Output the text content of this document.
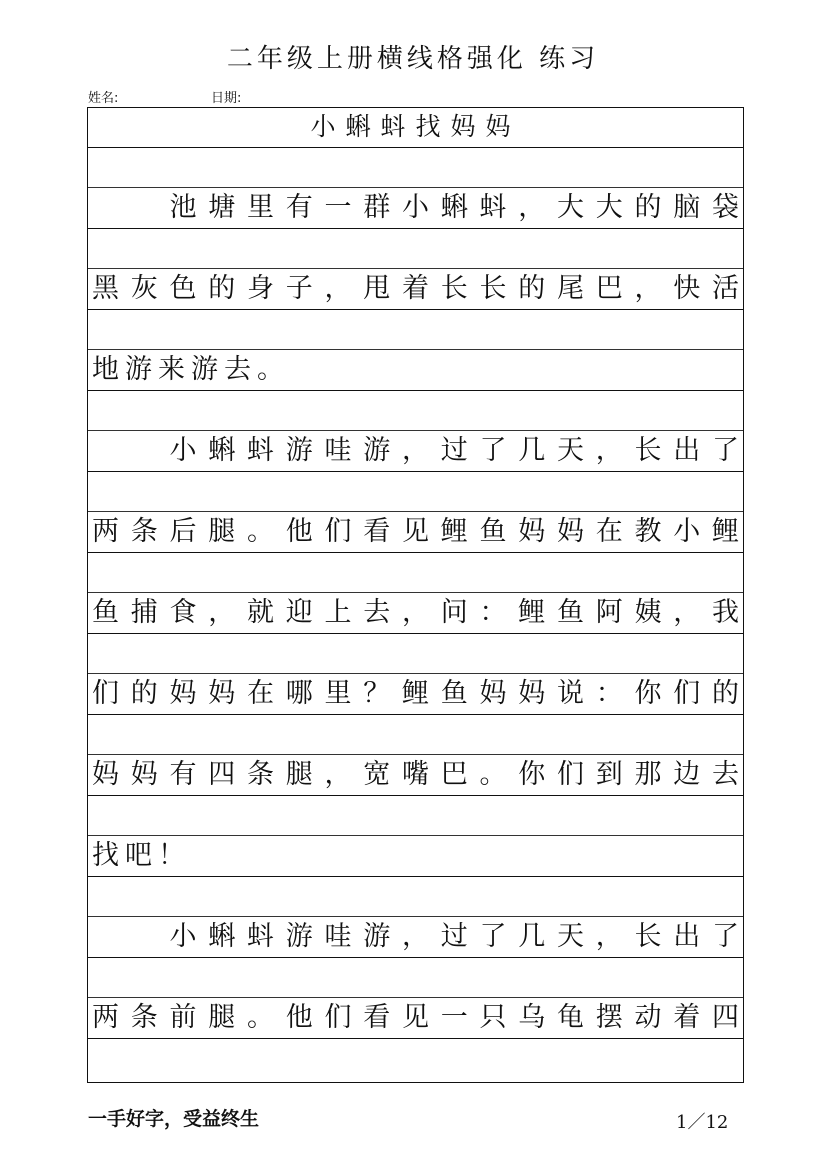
二年级上册横线格强化 练习
姓名:	日期:
小蝌蚪找妈妈
　　池塘里有一群小蝌蚪，大大的脑袋
黑灰色的身子，甩着长长的尾巴，快活
地游来游去。
　　小蝌蚪游哇游，过了几天，长出了
两条后腿。他们看见鲤鱼妈妈在教小鲤
鱼捕食，就迎上去，问：鲤鱼阿姨，我
们的妈妈在哪里？鲤鱼妈妈说：你们的
妈妈有四条腿，宽嘴巴。你们到那边去
找吧！
　　小蝌蚪游哇游，过了几天，长出了
两条前腿。他们看见一只乌龟摆动着四
一手好字，受益终生	1／12
